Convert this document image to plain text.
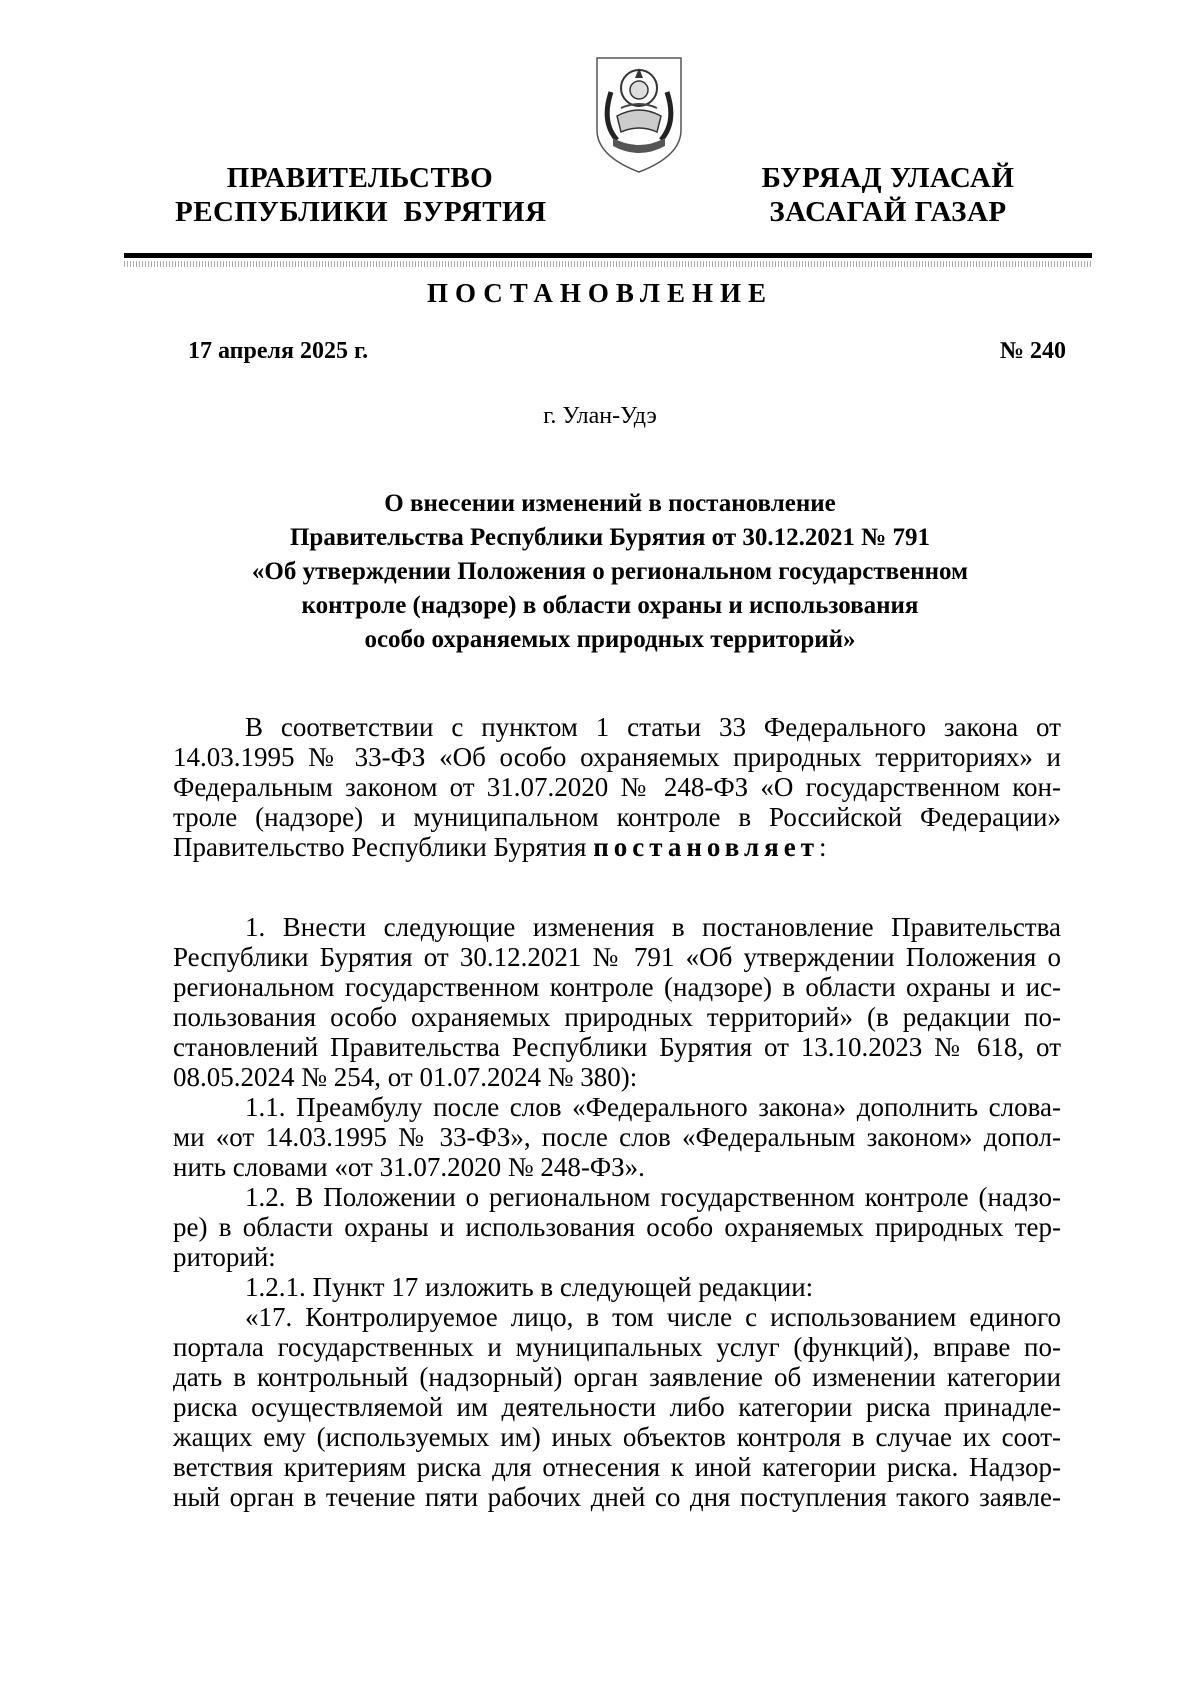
ПРАВИТЕЛЬСТВО
РЕСПУБЛИКИ  БУРЯТИЯ
БУРЯАД УЛАСАЙ
ЗАСАГАЙ ГАЗАР
ПОСТАНОВЛЕНИЕ
17 апреля 2025 г.	№ 240
г. Улан-Удэ
О внесении изменений в постановление
Правительства Республики Бурятия от 30.12.2021 № 791
«Об утверждении Положения о региональном государственном
контроле (надзоре) в области охраны и использования
особо охраняемых природных территорий»
В соответствии с пунктом 1 статьи 33 Федерального закона от
14.03.1995 № 33-ФЗ «Об особо охраняемых природных территориях» и
Федеральным законом от 31.07.2020 № 248-ФЗ «О государственном кон-
троле (надзоре) и муниципальном контроле в Российской Федерации»
Правительство Республики Бурятия постановляет:
1. Внести следующие изменения в постановление Правительства
Республики Бурятия от 30.12.2021 № 791 «Об утверждении Положения о
региональном государственном контроле (надзоре) в области охраны и ис-
пользования особо охраняемых природных территорий» (в редакции по-
становлений Правительства Республики Бурятия от 13.10.2023 № 618, от
08.05.2024 № 254, от 01.07.2024 № 380):
1.1. Преамбулу после слов «Федерального закона» дополнить слова-
ми «от 14.03.1995 № 33-ФЗ», после слов «Федеральным законом» допол-
нить словами «от 31.07.2020 № 248-ФЗ».
1.2. В Положении о региональном государственном контроле (надзо-
ре) в области охраны и использования особо охраняемых природных тер-
риторий:
1.2.1. Пункт 17 изложить в следующей редакции:
«17. Контролируемое лицо, в том числе с использованием единого
портала государственных и муниципальных услуг (функций), вправе по-
дать в контрольный (надзорный) орган заявление об изменении категории
риска осуществляемой им деятельности либо категории риска принадле-
жащих ему (используемых им) иных объектов контроля в случае их соот-
ветствия критериям риска для отнесения к иной категории риска. Надзор-
ный орган в течение пяти рабочих дней со дня поступления такого заявле-
